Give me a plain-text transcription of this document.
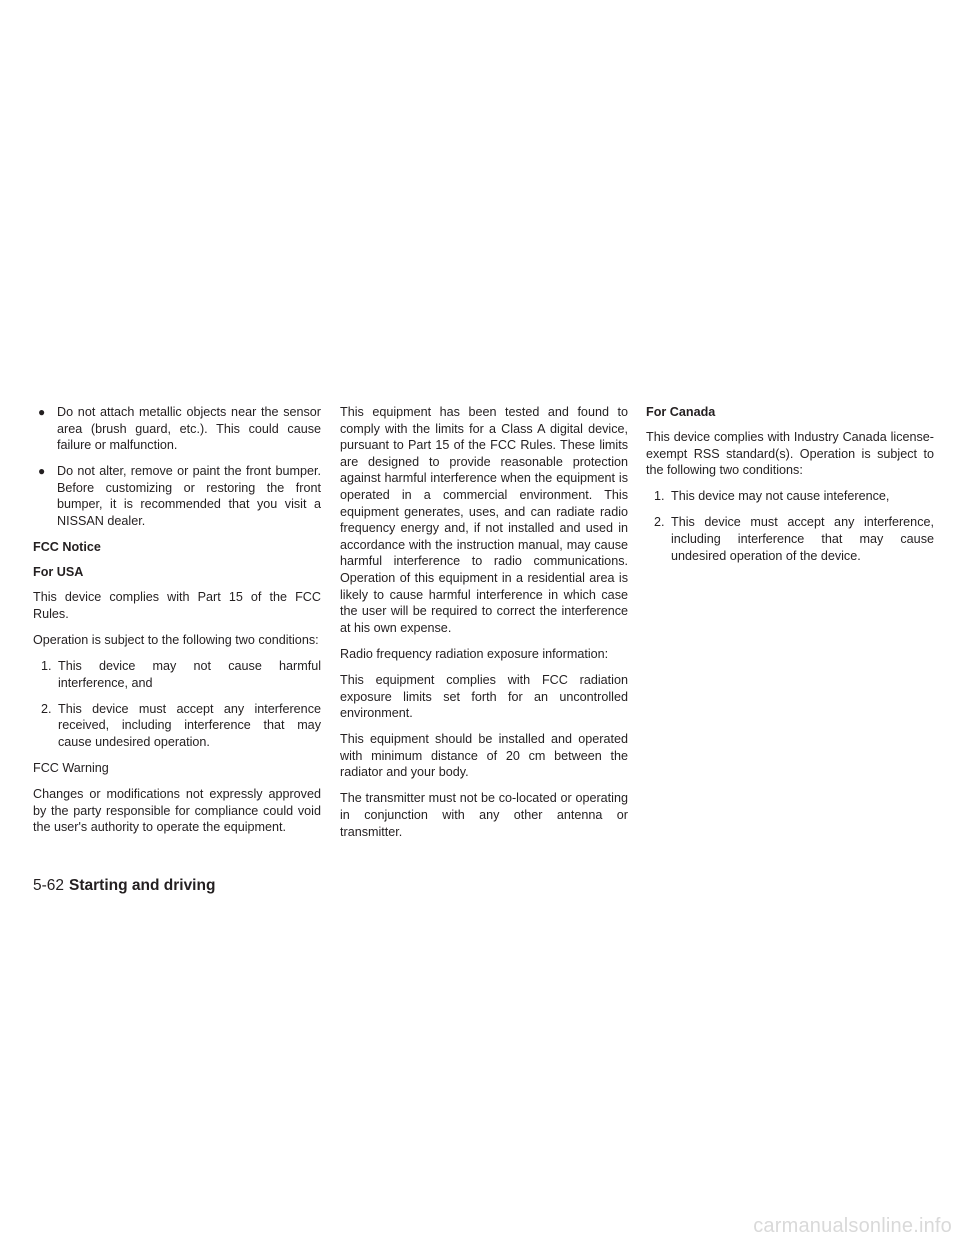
● Do not attach metallic objects near the sensor area (brush guard, etc.). This could cause failure or malfunction.
● Do not alter, remove or paint the front bumper. Before customizing or restoring the front bumper, it is recommended that you visit a NISSAN dealer.
FCC Notice
For USA

This device complies with Part 15 of the FCC Rules.

Operation is subject to the following two conditions:

1. This device may not cause harmful interference, and
2. This device must accept any interference received, including interference that may cause undesired operation.

FCC Warning

Changes or modifications not expressly approved by the party responsible for compliance could void the user's authority to operate the equipment.

This equipment has been tested and found to comply with the limits for a Class A digital device, pursuant to Part 15 of the FCC Rules. These limits are designed to provide reasonable protection against harmful interference when the equipment is operated in a commercial environment. This equipment generates, uses, and can radiate radio frequency energy and, if not installed and used in accordance with the instruction manual, may cause harmful interference to radio communications. Operation of this equipment in a residential area is likely to cause harmful interference in which case the user will be required to correct the interference at his own expense.

Radio frequency radiation exposure information:

This equipment complies with FCC radiation exposure limits set forth for an uncontrolled environment.

This equipment should be installed and operated with minimum distance of 20 cm between the radiator and your body.

The transmitter must not be co-located or operating in conjunction with any other antenna or transmitter.

For Canada

This device complies with Industry Canada license-exempt RSS standard(s). Operation is subject to the following two conditions:

1. This device may not cause inteference,
2. This device must accept any interference, including interference that may cause undesired operation of the device.
5-62 Starting and driving
carmanualsonline.info
